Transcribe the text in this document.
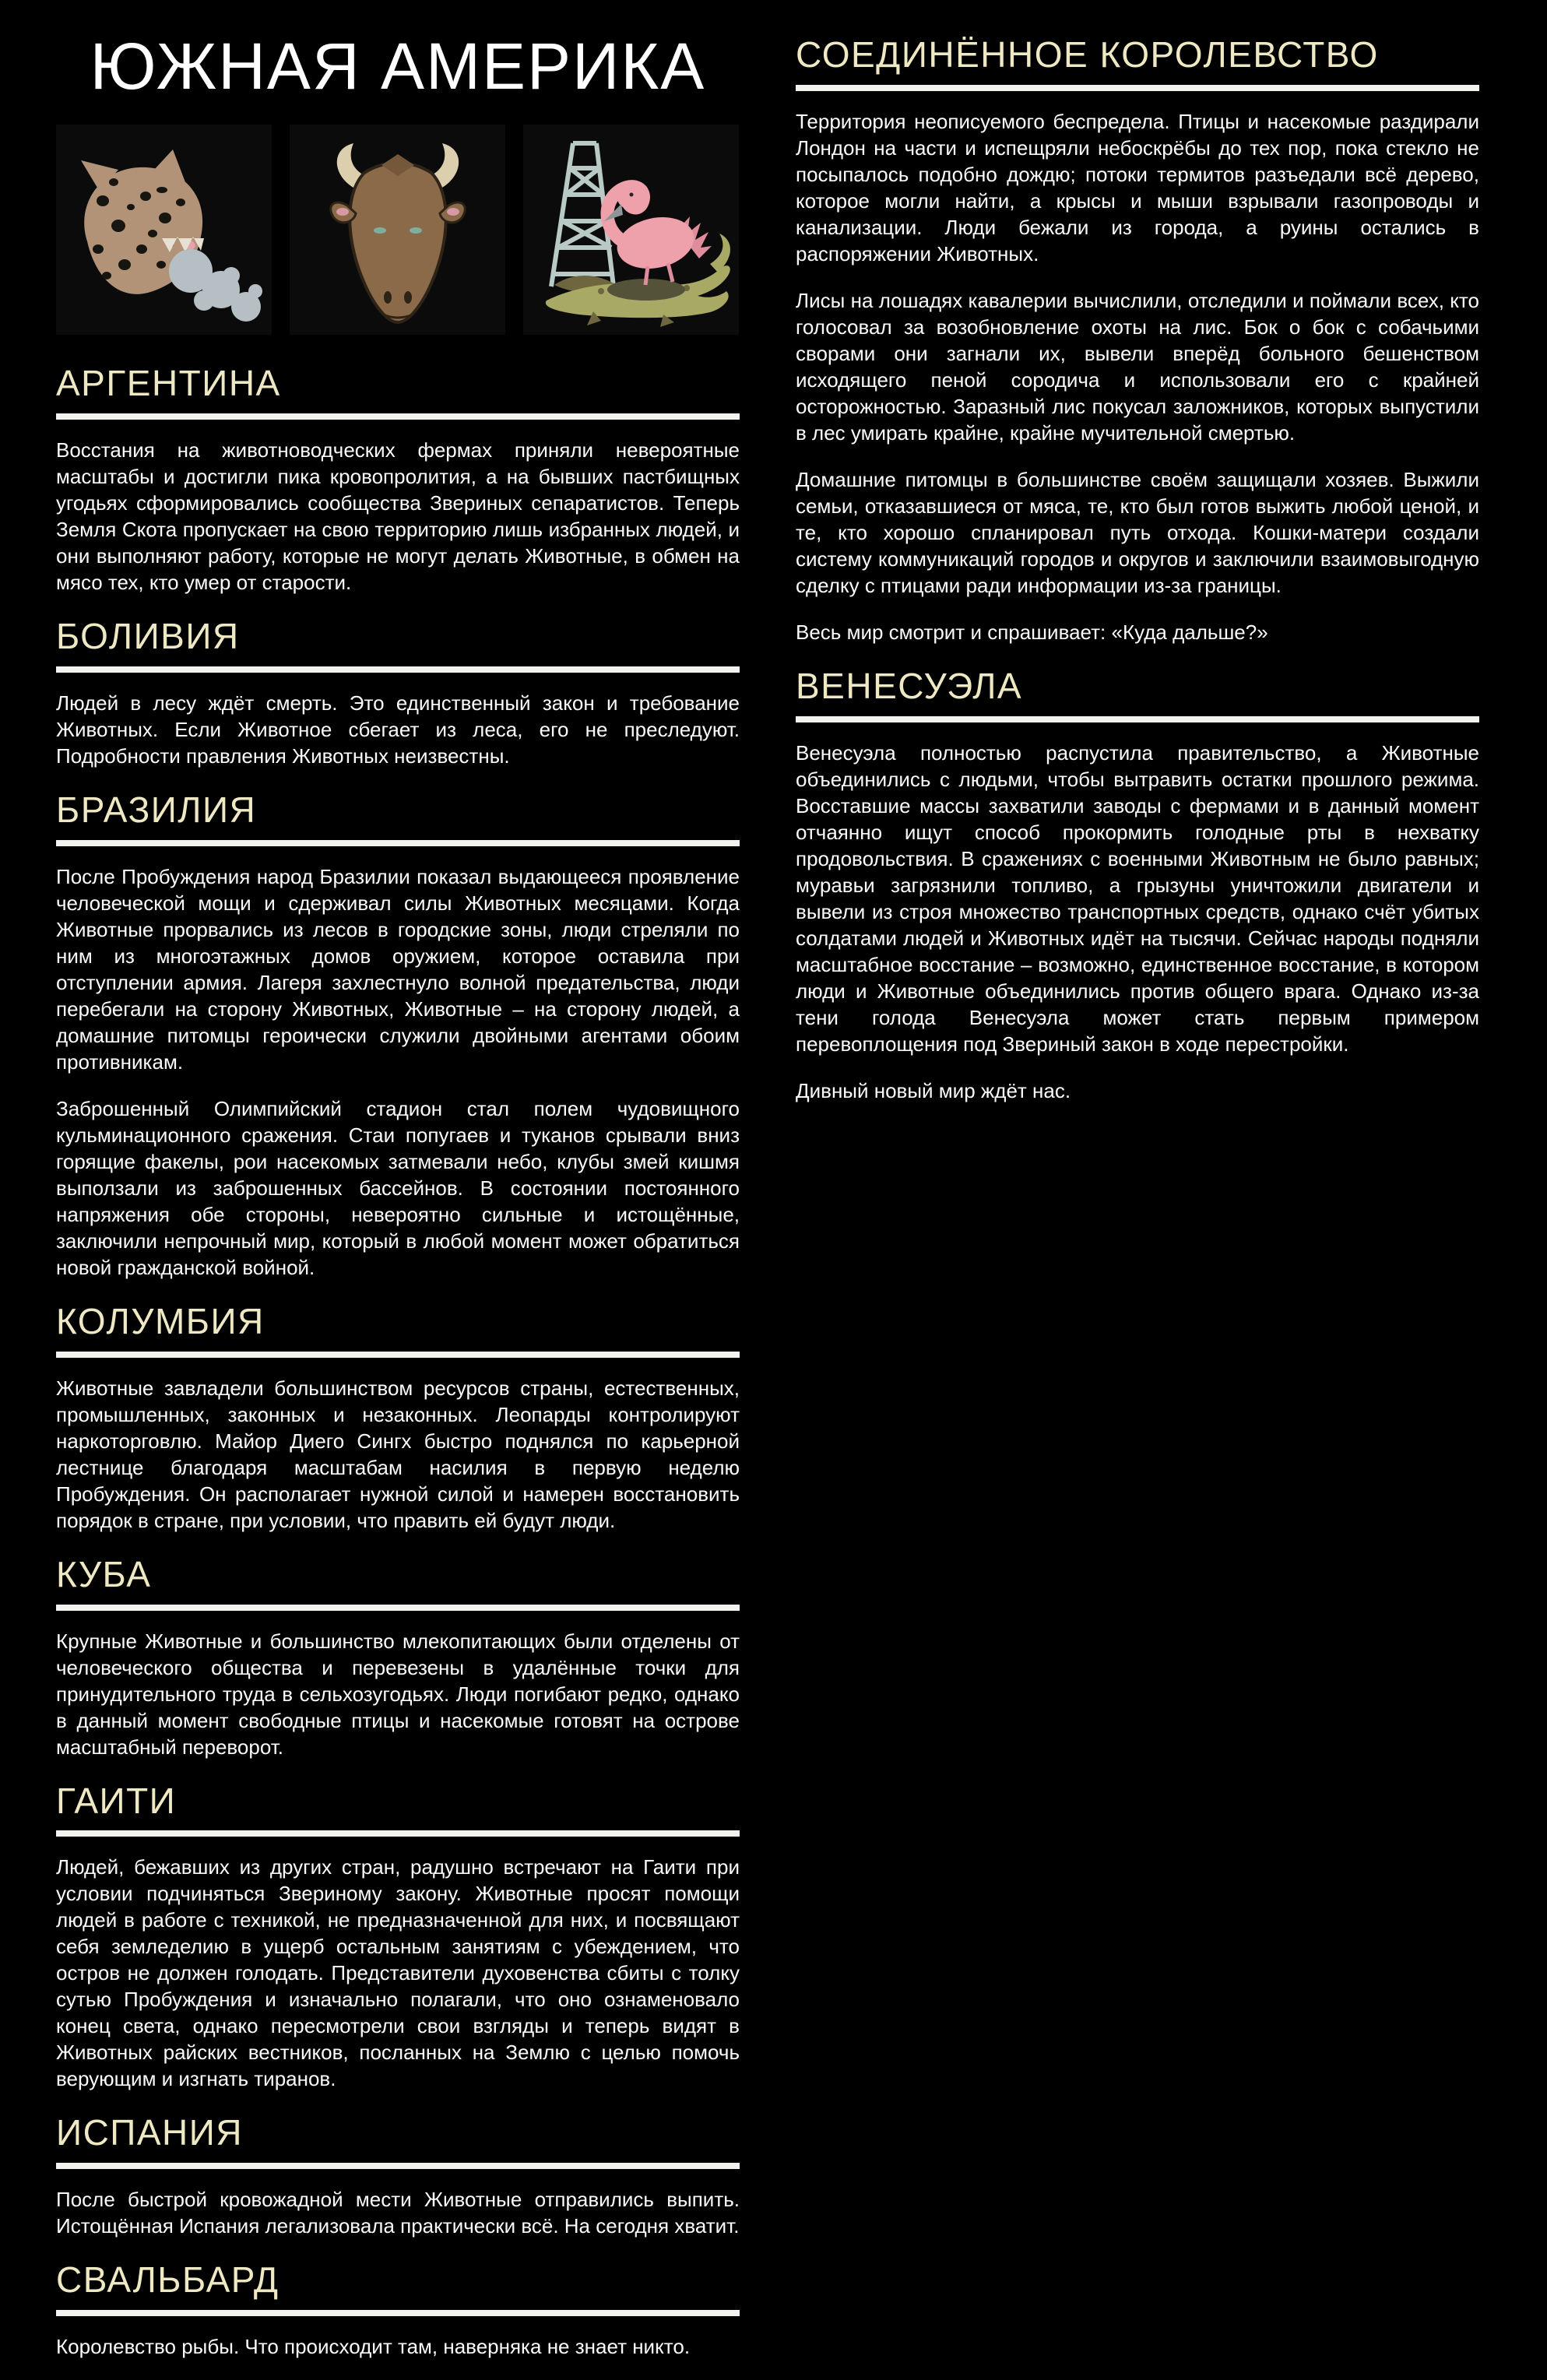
ЮЖНАЯ АМЕРИКА
АРГЕНТИНА

Восстания на животноводческих фермах приняли невероятные масштабы и достигли пика кровопролития, а на бывших пастбищных угодьях сформировались сообщества Звериных сепаратистов. Теперь Земля Скота пропускает на свою территорию лишь избранных людей, и они выполняют работу, которые не могут делать Животные, в обмен на мясо тех, кто умер от старости.

БОЛИВИЯ

Людей в лесу ждёт смерть. Это единственный закон и требование Животных. Если Животное сбегает из леса, его не преследуют. Подробности правления Животных неизвестны.

БРАЗИЛИЯ

После Пробуждения народ Бразилии показал выдающееся проявление человеческой мощи и сдерживал силы Животных месяцами. Когда Животные прорвались из лесов в городские зоны, люди стреляли по ним из многоэтажных домов оружием, которое оставила при отступлении армия. Лагеря захлестнуло волной предательства, люди перебегали на сторону Животных, Животные – на сторону людей, а домашние питомцы героически служили двойными агентами обоим противникам.

Заброшенный Олимпийский стадион стал полем чудовищного кульминационного сражения. Стаи попугаев и туканов срывали вниз горящие факелы, рои насекомых затмевали небо, клубы змей кишмя выползали из заброшенных бассейнов. В состоянии постоянного напряжения обе стороны, невероятно сильные и истощённые, заключили непрочный мир, который в любой момент может обратиться новой гражданской войной.

КОЛУМБИЯ

Животные завладели большинством ресурсов страны, естественных, промышленных, законных и незаконных. Леопарды контролируют наркоторговлю. Майор Диего Сингх быстро поднялся по карьерной лестнице благодаря масштабам насилия в первую неделю Пробуждения. Он располагает нужной силой и намерен восстановить порядок в стране, при условии, что править ей будут люди.

КУБА

Крупные Животные и большинство млекопитающих были отделены от человеческого общества и перевезены в удалённые точки для принудительного труда в сельхозугодьях. Люди погибают редко, однако в данный момент свободные птицы и насекомые готовят на острове масштабный переворот.

ГАИТИ

Людей, бежавших из других стран, радушно встречают на Гаити при условии подчиняться Звериному закону. Животные просят помощи людей в работе с техникой, не предназначенной для них, и посвящают себя земледелию в ущерб остальным занятиям с убеждением, что остров не должен голодать. Представители духовенства сбиты с толку сутью Пробуждения и изначально полагали, что оно ознаменовало конец света, однако пересмотрели свои взгляды и теперь видят в Животных райских вестников, посланных на Землю с целью помочь верующим и изгнать тиранов.

ИСПАНИЯ

После быстрой кровожадной мести Животные отправились выпить. Истощённая Испания легализовала практически всё. На сегодня хватит.

СВАЛЬБАРД

Королевство рыбы. Что происходит там, наверняка не знает никто.

СОЕДИНЁННОЕ КОРОЛЕВСТВО

Территория неописуемого беспредела. Птицы и насекомые раздирали Лондон на части и испещряли небоскрёбы до тех пор, пока стекло не посыпалось подобно дождю; потоки термитов разъедали всё дерево, которое могли найти, а крысы и мыши взрывали газопроводы и канализации. Люди бежали из города, а руины остались в распоряжении Животных.

Лисы на лошадях кавалерии вычислили, отследили и поймали всех, кто голосовал за возобновление охоты на лис. Бок о бок с собачьими сворами они загнали их, вывели вперёд больного бешенством исходящего пеной сородича и использовали его с крайней осторожностью. Заразный лис покусал заложников, которых выпустили в лес умирать крайне, крайне мучительной смертью.

Домашние питомцы в большинстве своём защищали хозяев. Выжили семьи, отказавшиеся от мяса, те, кто был готов выжить любой ценой, и те, кто хорошо спланировал путь отхода. Кошки-матери создали систему коммуникаций городов и округов и заключили взаимовыгодную сделку с птицами ради информации из-за границы.

Весь мир смотрит и спрашивает: «Куда дальше?»

ВЕНЕСУЭЛА

Венесуэла полностью распустила правительство, а Животные объединились с людьми, чтобы вытравить остатки прошлого режима. Восставшие массы захватили заводы с фермами и в данный момент отчаянно ищут способ прокормить голодные рты в нехватку продовольствия. В сражениях с военными Животным не было равных; муравьи загрязнили топливо, а грызуны уничтожили двигатели и вывели из строя множество транспортных средств, однако счёт убитых солдатами людей и Животных идёт на тысячи. Сейчас народы подняли масштабное восстание – возможно, единственное восстание, в котором люди и Животные объединились против общего врага. Однако из-за тени голода Венесуэла может стать первым примером перевоплощения под Звериный закон в ходе перестройки.

Дивный новый мир ждёт нас.
